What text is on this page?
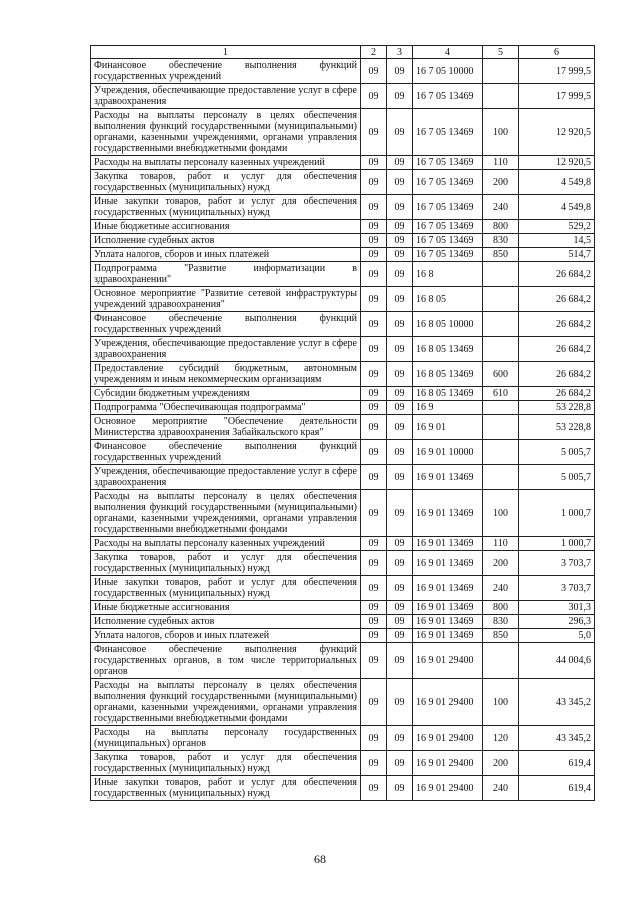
1	2	3	4	5	6
Финансовое обеспечение выполнения функций государственных учреждений	09	09	16 7 05 10000		17 999,5
Учреждения, обеспечивающие предоставление услуг в сфере здравоохранения	09	09	16 7 05 13469		17 999,5
Расходы на выплаты персоналу в целях обеспечения выполнения функций государственными (муниципальными) органами, казенными учреждениями, органами управления государственными внебюджетными фондами	09	09	16 7 05 13469	100	12 920,5
Расходы на выплаты персоналу казенных учреждений	09	09	16 7 05 13469	110	12 920,5
Закупка товаров, работ и услуг для обеспечения государственных (муниципальных) нужд	09	09	16 7 05 13469	200	4 549,8
Иные закупки товаров, работ и услуг для обеспечения государственных (муниципальных) нужд	09	09	16 7 05 13469	240	4 549,8
Иные бюджетные ассигнования	09	09	16 7 05 13469	800	529,2
Исполнение судебных актов	09	09	16 7 05 13469	830	14,5
Уплата налогов, сборов и иных платежей	09	09	16 7 05 13469	850	514,7
Подпрограмма "Развитие информатизации в здравоохранении"	09	09	16 8		26 684,2
Основное мероприятие "Развитие сетевой инфраструктуры учреждений здравоохранения"	09	09	16 8 05		26 684,2
Финансовое обеспечение выполнения функций государственных учреждений	09	09	16 8 05 10000		26 684,2
Учреждения, обеспечивающие предоставление услуг в сфере здравоохранения	09	09	16 8 05 13469		26 684,2
Предоставление субсидий бюджетным, автономным учреждениям и иным некоммерческим организациям	09	09	16 8 05 13469	600	26 684,2
Субсидии бюджетным учреждениям	09	09	16 8 05 13469	610	26 684,2
Подпрограмма "Обеспечивающая подпрограмма"	09	09	16 9		53 228,8
Основное мероприятие "Обеспечение деятельности Министерства здравоохранения Забайкальского края"	09	09	16 9 01		53 228,8
Финансовое обеспечение выполнения функций государственных учреждений	09	09	16 9 01 10000		5 005,7
Учреждения, обеспечивающие предоставление услуг в сфере здравоохранения	09	09	16 9 01 13469		5 005,7
Расходы на выплаты персоналу в целях обеспечения выполнения функций государственными (муниципальными) органами, казенными учреждениями, органами управления государственными внебюджетными фондами	09	09	16 9 01 13469	100	1 000,7
Расходы на выплаты персоналу казенных учреждений	09	09	16 9 01 13469	110	1 000,7
Закупка товаров, работ и услуг для обеспечения государственных (муниципальных) нужд	09	09	16 9 01 13469	200	3 703,7
Иные закупки товаров, работ и услуг для обеспечения государственных (муниципальных) нужд	09	09	16 9 01 13469	240	3 703,7
Иные бюджетные ассигнования	09	09	16 9 01 13469	800	301,3
Исполнение судебных актов	09	09	16 9 01 13469	830	296,3
Уплата налогов, сборов и иных платежей	09	09	16 9 01 13469	850	5,0
Финансовое обеспечение выполнения функций государственных органов, в том числе территориальных органов	09	09	16 9 01 29400		44 004,6
Расходы на выплаты персоналу в целях обеспечения выполнения функций государственными (муниципальными) органами, казенными учреждениями, органами управления государственными внебюджетными фондами	09	09	16 9 01 29400	100	43 345,2
Расходы на выплаты персоналу государственных (муниципальных) органов	09	09	16 9 01 29400	120	43 345,2
Закупка товаров, работ и услуг для обеспечения государственных (муниципальных) нужд	09	09	16 9 01 29400	200	619,4
Иные закупки товаров, работ и услуг для обеспечения государственных (муниципальных) нужд	09	09	16 9 01 29400	240	619,4
68
